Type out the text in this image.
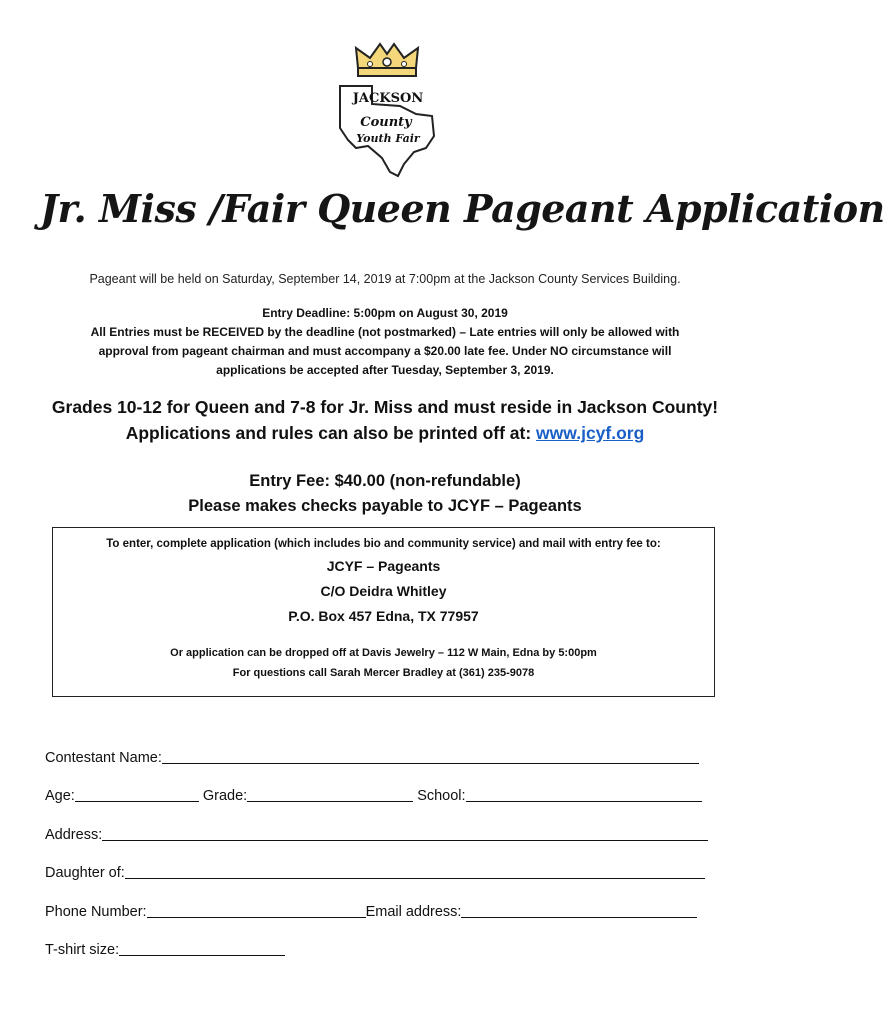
JACKSON
County
Youth Fair
Jr. Miss /Fair Queen Pageant Application
Pageant will be held on Saturday, September 14, 2019 at 7:00pm at the Jackson County Services Building.

Entry Deadline: 5:00pm on August 30, 2019

All Entries must be RECEIVED by the deadline (not postmarked) – Late entries will only be allowed with

approval from pageant chairman and must accompany a $20.00 late fee. Under NO circumstance will

applications be accepted after Tuesday, September 3, 2019.

Grades 10-12 for Queen and 7-8 for Jr. Miss and must reside in Jackson County!

Applications and rules can also be printed off at: www.jcyf.org

Entry Fee: $40.00 (non-refundable)

Please makes checks payable to JCYF – Pageants

To enter, complete application (which includes bio and community service) and mail with entry fee to:

JCYF – Pageants

C/O Deidra Whitley

P.O. Box 457 Edna, TX 77957

Or application can be dropped off at Davis Jewelry – 112 W Main, Edna by 5:00pm

For questions call Sarah Mercer Bradley at (361) 235-9078

Contestant Name:
Age:	Grade:	School:
Address:
Daughter of:
Phone Number:	Email address:
T-shirt size:
